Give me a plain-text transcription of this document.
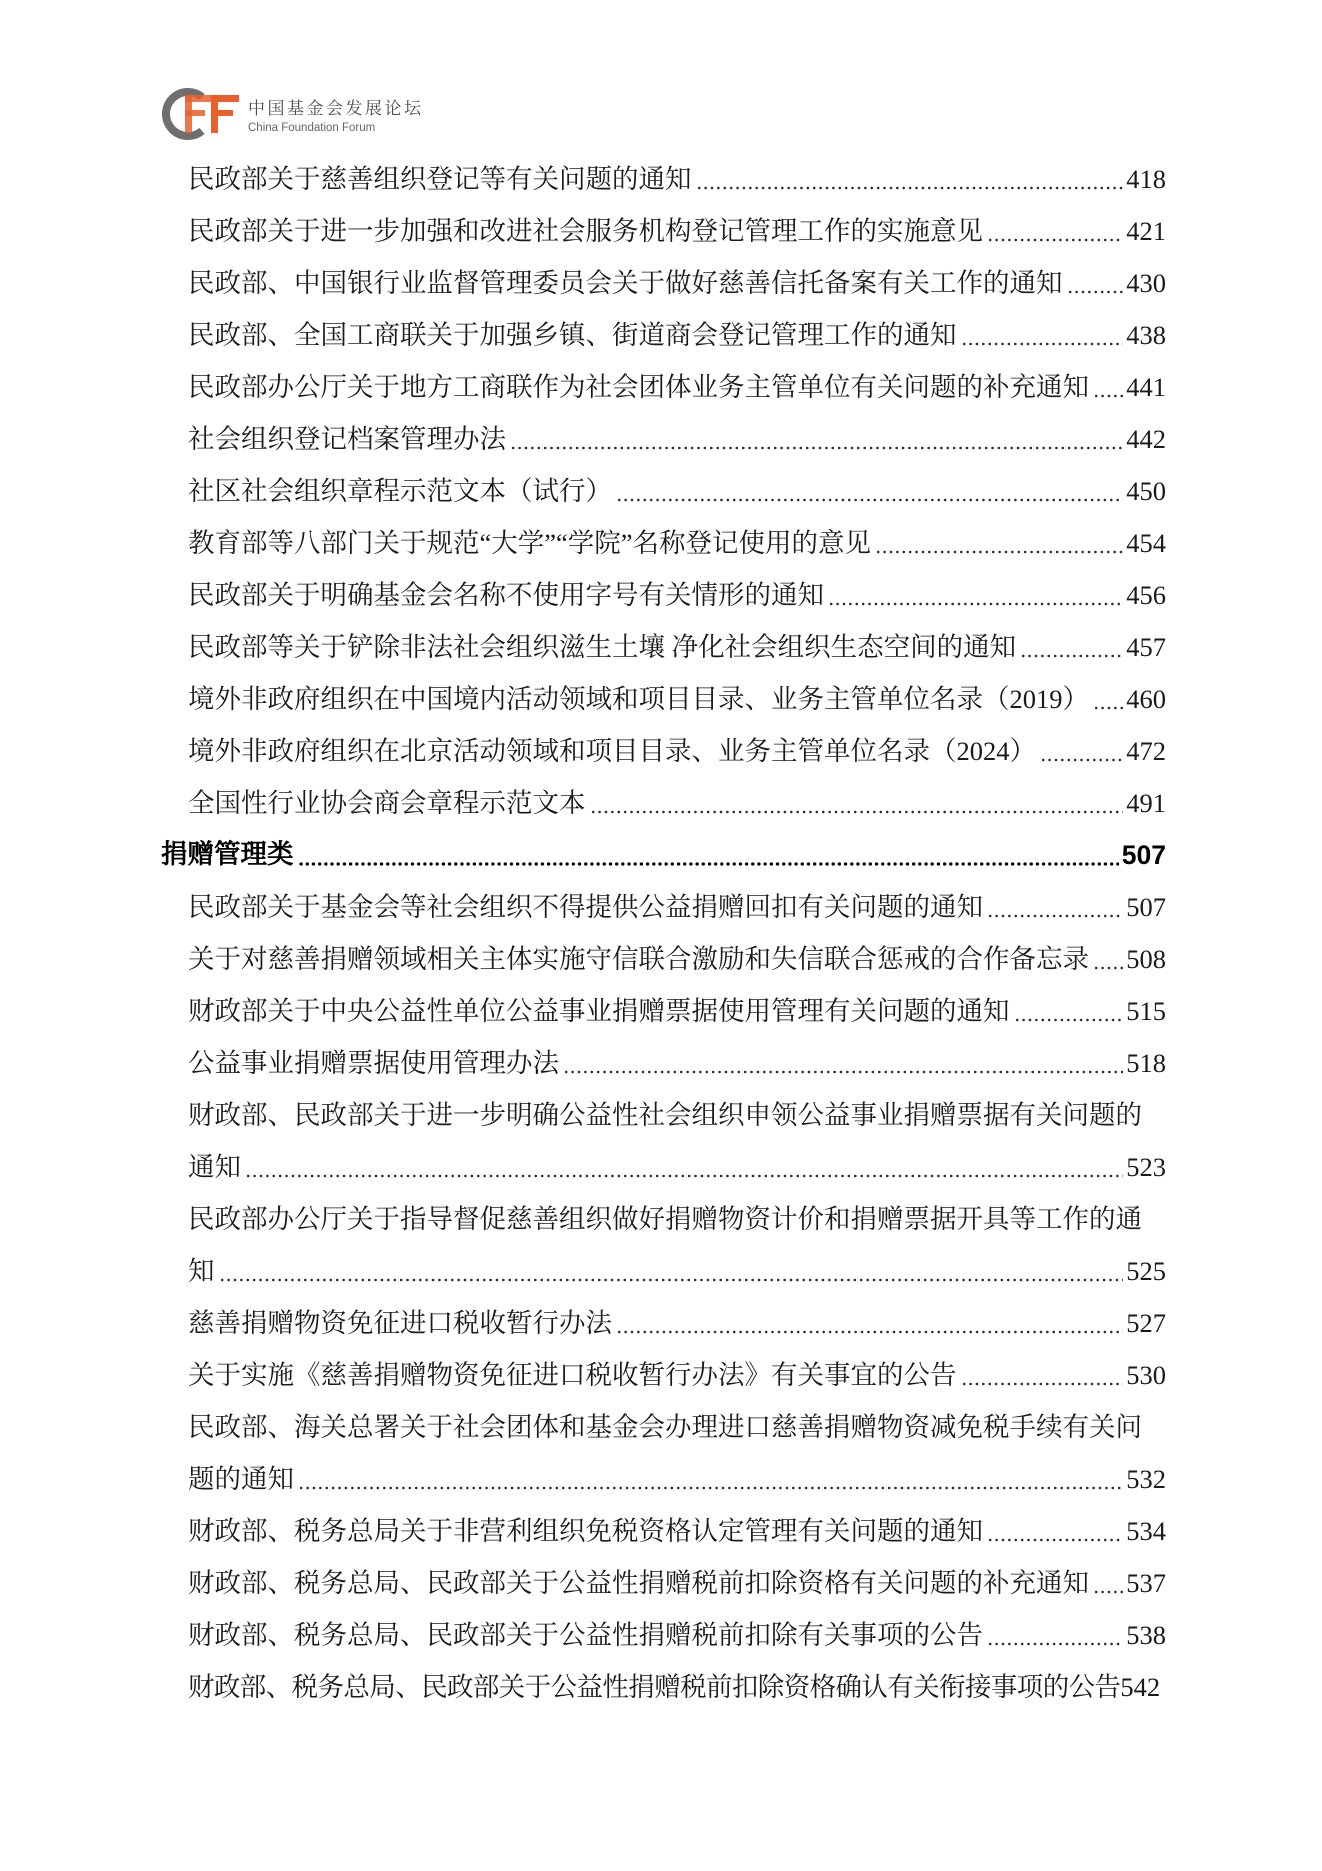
中国基金会发展论坛
China Foundation Forum
民政部关于慈善组织登记等有关问题的通知	418
民政部关于进一步加强和改进社会服务机构登记管理工作的实施意见	421
民政部、中国银行业监督管理委员会关于做好慈善信托备案有关工作的通知 430
民政部、全国工商联关于加强乡镇、街道商会登记管理工作的通知	438
民政部办公厅关于地方工商联作为社会团体业务主管单位有关问题的补充通知 441
社会组织登记档案管理办法	442
社区社会组织章程示范文本（试行）	450
教育部等八部门关于规范“大学”“学院”名称登记使用的意见	454
民政部关于明确基金会名称不使用字号有关情形的通知	456
民政部等关于铲除非法社会组织滋生土壤 净化社会组织生态空间的通知	457
境外非政府组织在中国境内活动领域和项目目录、业务主管单位名录（2019） 460
境外非政府组织在北京活动领域和项目目录、业务主管单位名录（2024）	472
全国性行业协会商会章程示范文本	491
捐赠管理类	507
民政部关于基金会等社会组织不得提供公益捐赠回扣有关问题的通知	507
关于对慈善捐赠领域相关主体实施守信联合激励和失信联合惩戒的合作备忘录 508
财政部关于中央公益性单位公益事业捐赠票据使用管理有关问题的通知	515
公益事业捐赠票据使用管理办法	518
财政部、民政部关于进一步明确公益性社会组织申领公益事业捐赠票据有关问题的
通知	523
民政部办公厅关于指导督促慈善组织做好捐赠物资计价和捐赠票据开具等工作的通
知	525
慈善捐赠物资免征进口税收暂行办法	527
关于实施《慈善捐赠物资免征进口税收暂行办法》有关事宜的公告	530
民政部、海关总署关于社会团体和基金会办理进口慈善捐赠物资减免税手续有关问
题的通知	532
财政部、税务总局关于非营利组织免税资格认定管理有关问题的通知	534
财政部、税务总局、民政部关于公益性捐赠税前扣除资格有关问题的补充通知 537
财政部、税务总局、民政部关于公益性捐赠税前扣除有关事项的公告	538
财政部、税务总局、民政部关于公益性捐赠税前扣除资格确认有关衔接事项的公告 542
